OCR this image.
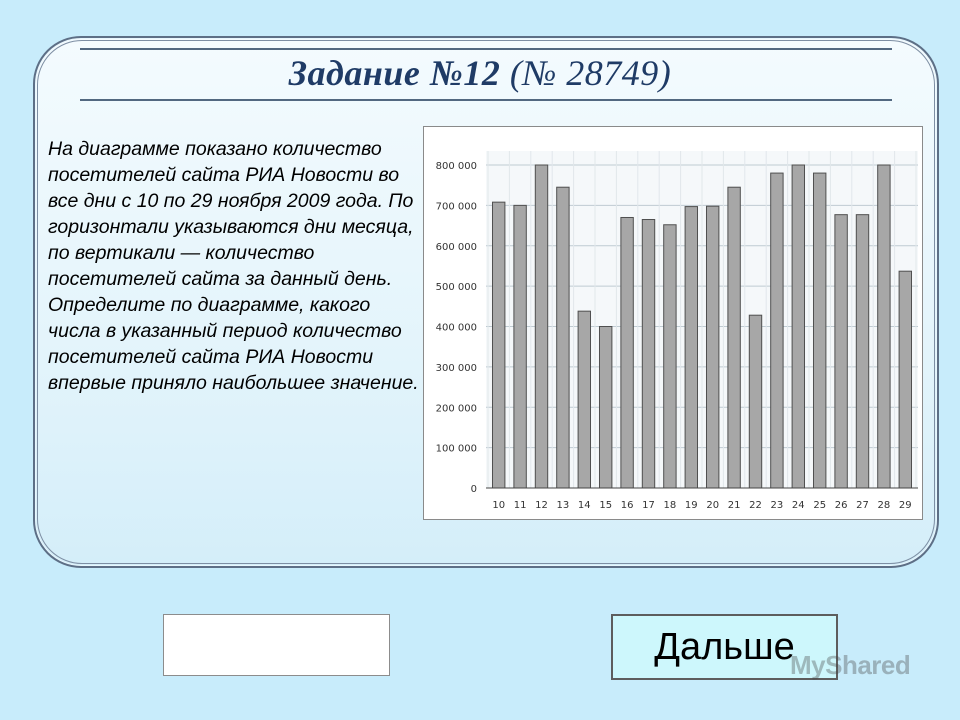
Задание №12 (№ 28749)
На диаграмме показано количество посетителей сайта РИА Новости во все дни с 10 по 29 ноября 2009 года. По горизонтали указываются дни месяца, по вертикали — количество посетителей сайта за данный день. Определите по диаграмме, какого числа в указанный период количество посетителей сайта РИА Новости впервые приняло наибольшее значение.
0
100 000
200 000
300 000
400 000
500 000
600 000
700 000
800 000
10 11 12 13 14 15 16 17 18 19 20 21 22 23 24 25 26 27 28 29
Дальше
MyShared
